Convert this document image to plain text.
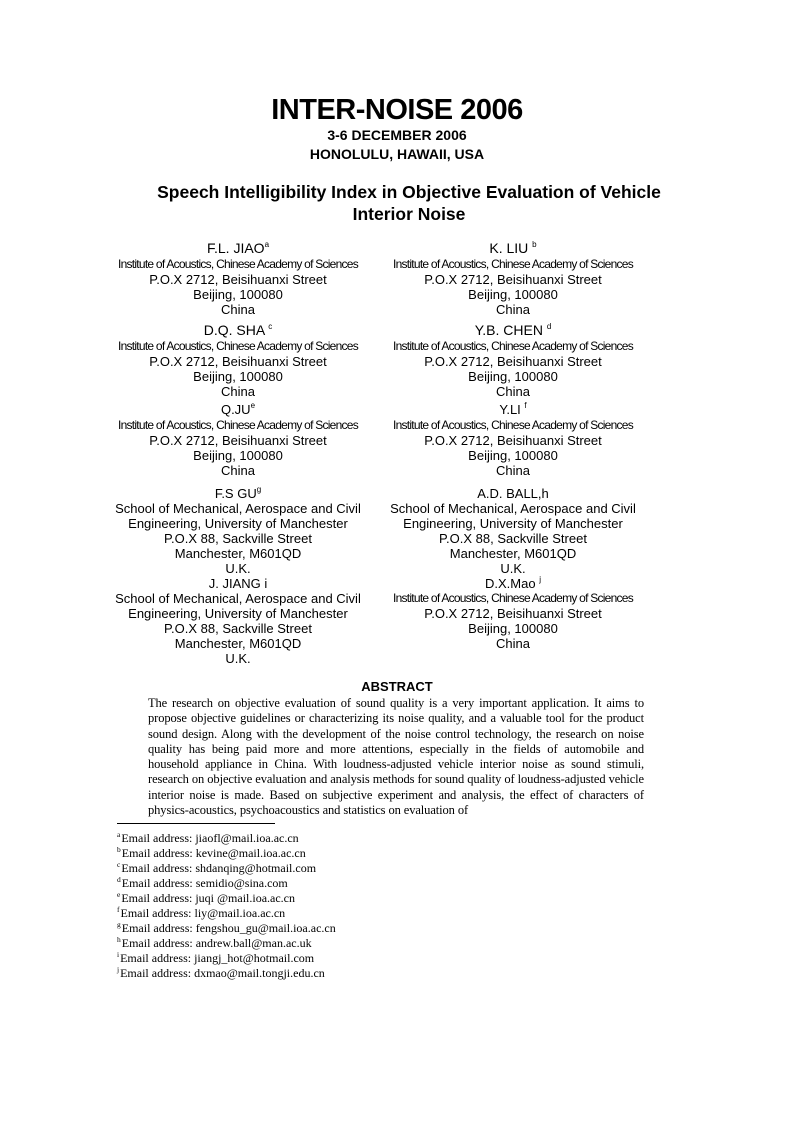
INTER-NOISE 2006
3-6 DECEMBER 2006
HONOLULU, HAWAII, USA
Speech Intelligibility Index in Objective Evaluation of Vehicle
Interior Noise
F.L. JIAO$^a$
Institute of Acoustics, Chinese Academy of Sciences
P.O.X 2712, Beisihuanxi Street
Beijing, 100080
China
K. LIU $^b$
Institute of Acoustics, Chinese Academy of Sciences
P.O.X 2712, Beisihuanxi Street
Beijing, 100080
China
D.Q. SHA $^c$
Institute of Acoustics, Chinese Academy of Sciences
P.O.X 2712, Beisihuanxi Street
Beijing, 100080
China
Y.B. CHEN $^d$
Institute of Acoustics, Chinese Academy of Sciences
P.O.X 2712, Beisihuanxi Street
Beijing, 100080
China
$Q.JU^e$
Institute of Acoustics, Chinese Academy of Sciences
P.O.X 2712, Beisihuanxi Street
Beijing, 100080
China
Y.LI $^f$
Institute of Acoustics, Chinese Academy of Sciences
P.O.X 2712, Beisihuanxi Street
Beijing, 100080
China
F.S $GU^g$
School of Mechanical, Aerospace and Civil
Engineering, University of Manchester
P.O.X 88, Sackville Street
Manchester, M601QD
U.K.
A.D. BALL,h
School of Mechanical, Aerospace and Civil
Engineering, University of Manchester
P.O.X 88, Sackville Street
Manchester, M601QD
U.K.
J. JIANG i
School of Mechanical, Aerospace and Civil
Engineering, University of Manchester
P.O.X 88, Sackville Street
Manchester, M601QD
U.K.
D.X.Mao $^j$
Institute of Acoustics, Chinese Academy of Sciences
P.O.X 2712, Beisihuanxi Street
Beijing, 100080
China
ABSTRACT
The research on objective evaluation of sound quality is a very important application. It aims to propose objective guidelines or characterizing its noise quality, and a valuable tool for the product sound design. Along with the development of the noise control technology, the research on noise quality has being paid more and more attentions, especially in the fields of automobile and household appliance in China. With loudness-adjusted vehicle interior noise as sound stimuli, research on objective evaluation and analysis methods for sound quality of loudness-adjusted vehicle interior noise is made. Based on subjective experiment and analysis, the effect of characters of physics-acoustics, psychoacoustics and statistics on evaluation of
$^a$Email address: jiaofl@mail.ioa.ac.cn
$^b$Email address: kevine@mail.ioa.ac.cn
$^c$Email address: shdanqing@hotmail.com
$^d$Email address: semidio@sina.com
$^e$Email address: juqi @mail.ioa.ac.cn
$^f$Email address: liy@mail.ioa.ac.cn
$^g$Email address: fengshou_gu@mail.ioa.ac.cn
$^h$Email address: andrew.ball@man.ac.uk
$^i$Email address: jiangj_hot@hotmail.com
$^j$Email address: dxmao@mail.tongji.edu.cn
